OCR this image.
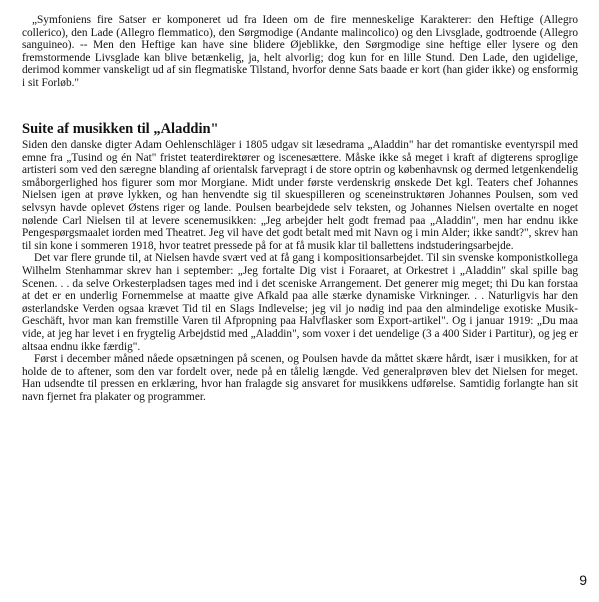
„Symfoniens fire Satser er komponeret ud fra Ideen om de fire menneskelige Karakterer: den Heftige (Allegro collerico), den Lade (Allegro flemmatico), den Sørgmodige (Andante malincolico) og den Livsglade, godtroende (Allegro sanguineo). -- Men den Heftige kan have sine blidere Øjeblikke, den Sørgmodige sine heftige eller lysere og den fremstormende Livsglade kan blive betænkelig, ja, helt alvorlig; dog kun for en lille Stund. Den Lade, den ugidelige, derimod kommer vanskeligt ud af sin flegmatiske Tilstand, hvorfor denne Sats baade er kort (han gider ikke) og ensformig i sit Forløb."

Suite af musikken til „Aladdin"

Siden den danske digter Adam Oehlenschläger i 1805 udgav sit læsedrama „Aladdin" har det romantiske eventyrspil med emne fra „Tusind og én Nat" fristet teaterdirektører og iscenesættere. Måske ikke så meget i kraft af digterens sproglige artisteri som ved den særegne blanding af orientalsk farvepragt i de store optrin og københavnsk og dermed letgenkendelig småborgerlighed hos figurer som mor Morgiane. Midt under første verdenskrig ønskede Det kgl. Teaters chef Johannes Nielsen igen at prøve lykken, og han henvendte sig til skuespilleren og sceneinstruktøren Johannes Poulsen, som ved selvsyn havde oplevet Østens riger og lande. Poulsen bearbejdede selv teksten, og Johannes Nielsen overtalte en noget nølende Carl Nielsen til at levere scenemusikken: „Jeg arbejder helt godt fremad paa „Aladdin", men har endnu ikke Pengespørgsmaalet iorden med Theatret. Jeg vil have det godt betalt med mit Navn og i min Alder; ikke sandt?", skrev han til sin kone i sommeren 1918, hvor teatret pressede på for at få musik klar til ballettens indstuderingsarbejde.

Det var flere grunde til, at Nielsen havde svært ved at få gang i kompositionsarbejdet. Til sin svenske komponistkollega Wilhelm Stenhammar skrev han i september: „Jeg fortalte Dig vist i Foraaret, at Orkestret i „Aladdin" skal spille bag Scenen. . . da selve Orkesterpladsen tages med ind i det sceniske Arrangement. Det generer mig meget; thi Du kan forstaa at det er en underlig Fornemmelse at maatte give Afkald paa alle stærke dynamiske Virkninger. . . Naturligvis har den østerlandske Verden ogsaa krævet Tid til en Slags Indlevelse; jeg vil jo nødig ind paa den almindelige exotiske Musik-Geschäft, hvor man kan fremstille Varen til Afpropning paa Halvflasker som Export-artikel". Og i januar 1919: „Du maa vide, at jeg har levet i en frygtelig Arbejdstid med „Aladdin", som voxer i det uendelige (3 a 400 Sider i Partitur), og jeg er altsaa endnu ikke færdig".

Først i december måned nåede opsætningen på scenen, og Poulsen havde da måttet skære hårdt, især i musikken, for at holde de to aftener, som den var fordelt over, nede på en tålelig længde. Ved generalprøven blev det Nielsen for meget. Han udsendte til pressen en erklæring, hvor han fralagde sig ansvaret for musikkens udførelse. Samtidig forlangte han sit navn fjernet fra plakater og programmer.

9
